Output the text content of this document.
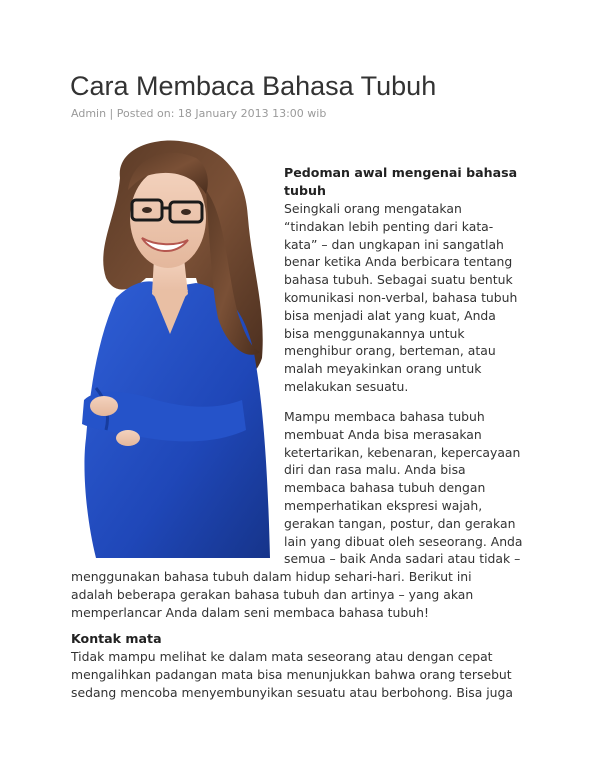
Cara Membaca Bahasa Tubuh
Admin | Posted on: 18 January 2013 13:00 wib
Pedoman awal mengenai bahasa
tubuh
Seingkali orang mengatakan
“tindakan lebih penting dari kata-
kata” – dan ungkapan ini sangatlah
benar ketika Anda berbicara tentang
bahasa tubuh. Sebagai suatu bentuk
komunikasi non-verbal, bahasa tubuh
bisa menjadi alat yang kuat, Anda
bisa menggunakannya untuk
menghibur orang, berteman, atau
malah meyakinkan orang untuk
melakukan sesuatu.
Mampu membaca bahasa tubuh
membuat Anda bisa merasakan
ketertarikan, kebenaran, kepercayaan
diri dan rasa malu. Anda bisa
membaca bahasa tubuh dengan
memperhatikan ekspresi wajah,
gerakan tangan, postur, dan gerakan
lain yang dibuat oleh seseorang. Anda
semua – baik Anda sadari atau tidak –
menggunakan bahasa tubuh dalam hidup sehari-hari. Berikut ini
adalah beberapa gerakan bahasa tubuh dan artinya – yang akan
memperlancar Anda dalam seni membaca bahasa tubuh!
Kontak mata
Tidak mampu melihat ke dalam mata seseorang atau dengan cepat
mengalihkan padangan mata bisa menunjukkan bahwa orang tersebut
sedang mencoba menyembunyikan sesuatu atau berbohong. Bisa juga
